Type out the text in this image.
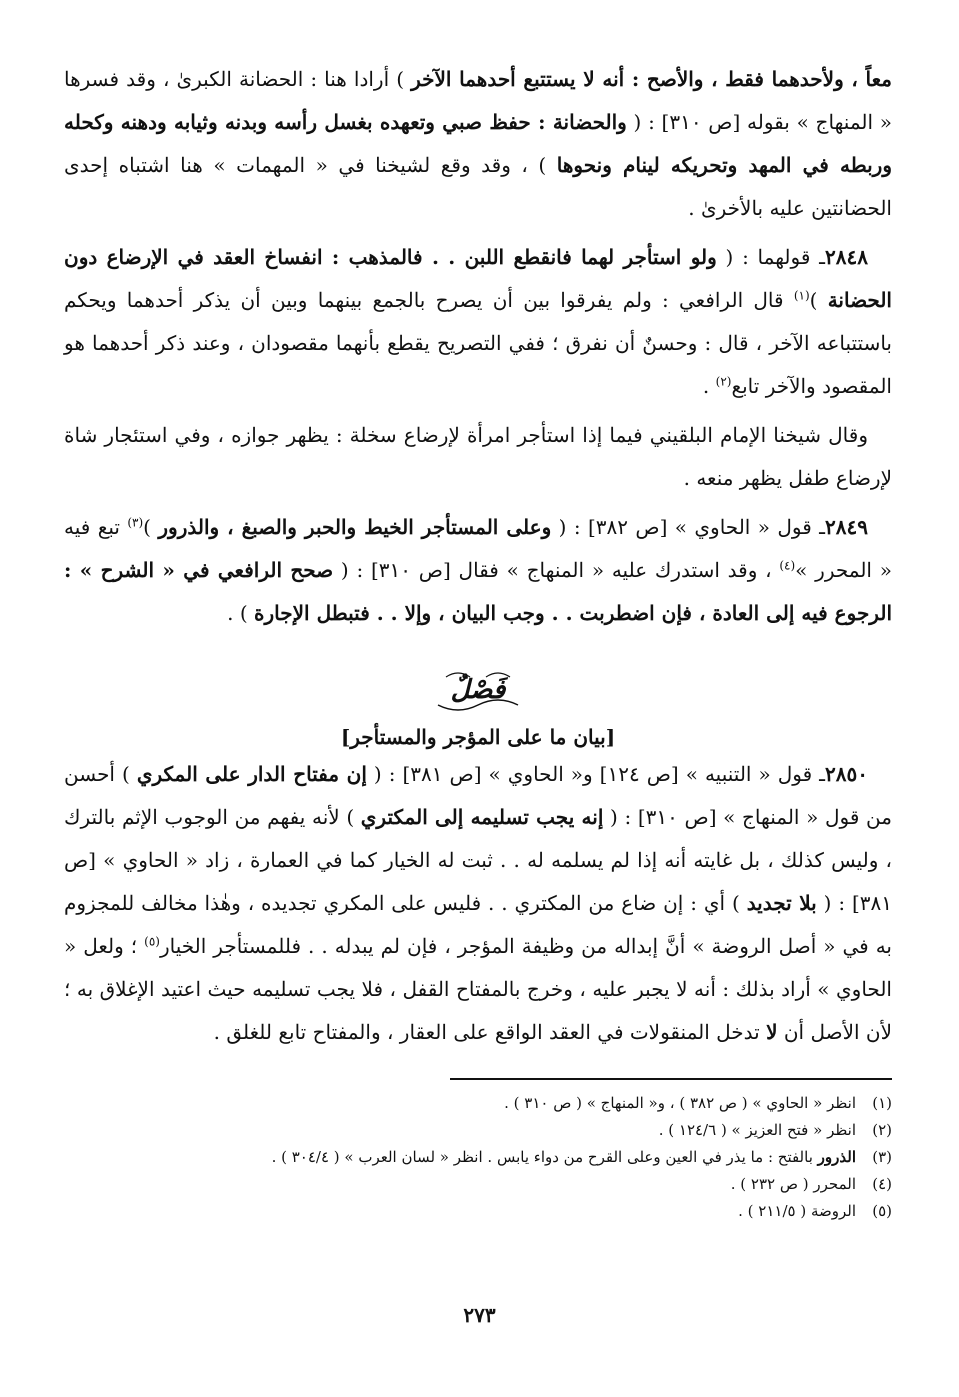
معاً ، ولأحدهما فقط ، والأصح : أنه لا يستتبع أحدهما الآخر ) أرادا هنا : الحضانة الكبرىٰ ، وقد فسرها « المنهاج » بقوله [ص ٣١٠] : ( والحضانة : حفظ صبي وتعهده بغسل رأسه وبدنه وثيابه ودهنه وكحله وربطه في المهد وتحريكه لينام ونحوها ) ، وقد وقع لشيخنا في « المهمات » هنا اشتباه إحدى الحضانتين عليه بالأخرىٰ .

٢٨٤٨ـ قولهما : ( ولو استأجر لهما فانقطع اللبن . . فالمذهب : انفساخ العقد في الإرضاع دون الحضانة )$^{(١)}$ قال الرافعي : ولم يفرقوا بين أن يصرح بالجمع بينهما وبين أن يذكر أحدهما ويحكم باستتباعه الآخر ، قال : وحسنٌ أن نفرق ؛ ففي التصريح يقطع بأنهما مقصودان ، وعند ذكر أحدهما هو المقصود والآخر تابع$^{(٢)}$ .

وقال شيخنا الإمام البلقيني فيما إذا استأجر امرأة لإرضاع سخلة : يظهر جوازه ، وفي استئجار شاة لإرضاع طفل يظهر منعه .

٢٨٤٩ـ قول « الحاوي » [ص ٣٨٢] : ( وعلى المستأجر الخيط والحبر والصبغ ، والذرور )$^{(٣)}$ تبع فيه « المحرر »$^{(٤)}$ ، وقد استدرك عليه « المنهاج » فقال [ص ٣١٠] : ( صحح الرافعي في « الشرح » : الرجوع فيه إلى العادة ، فإن اضطربت . . وجب البيان ، وإلا . . فتبطل الإجارة ) .

فَصْلٌ
[بيان ما على المؤجر والمستأجر]

٢٨٥٠ـ قول « التنبيه » [ص ١٢٤] و« الحاوي » [ص ٣٨١] : ( إن مفتاح الدار على المكري ) أحسن من قول « المنهاج » [ص ٣١٠] : ( إنه يجب تسليمه إلى المكتري ) لأنه يفهم من الوجوب الإثم بالترك ، وليس كذلك ، بل غايته أنه إذا لم يسلمه له . . ثبت له الخيار كما في العمارة ، زاد « الحاوي » [ص ٣٨١] : ( بلا تجديد ) أي : إن ضاع من المكتري . . فليس على المكري تجديده ، وهٰذا مخالف للمجزوم به في « أصل الروضة » أنَّ إبداله من وظيفة المؤجر ، فإن لم يبدله . . فللمستأجر الخيار$^{(٥)}$ ؛ ولعل « الحاوي » أراد بذلك : أنه لا يجبر عليه ، وخرج بالمفتاح القفل ، فلا يجب تسليمه حيث اعتيد الإغلاق به ؛ لأن الأصل أن لا تدخل المنقولات في العقد الواقع على العقار ، والمفتاح تابع للغلق .

(١)
انظر « الحاوي » ( ص ٣٨٢ ) ، و« المنهاج » ( ص ٣١٠ ) .

(٢)
انظر « فتح العزيز » ( ١٢٤/٦ ) .

(٣)
الذرور بالفتح : ما يذر في العين وعلى القرح من دواء يابس . انظر « لسان العرب » ( ٣٠٤/٤ ) .

(٤)
المحرر ( ص ٢٣٢ ) .

(٥)
الروضة ( ٢١١/٥ ) .

٢٧٣
